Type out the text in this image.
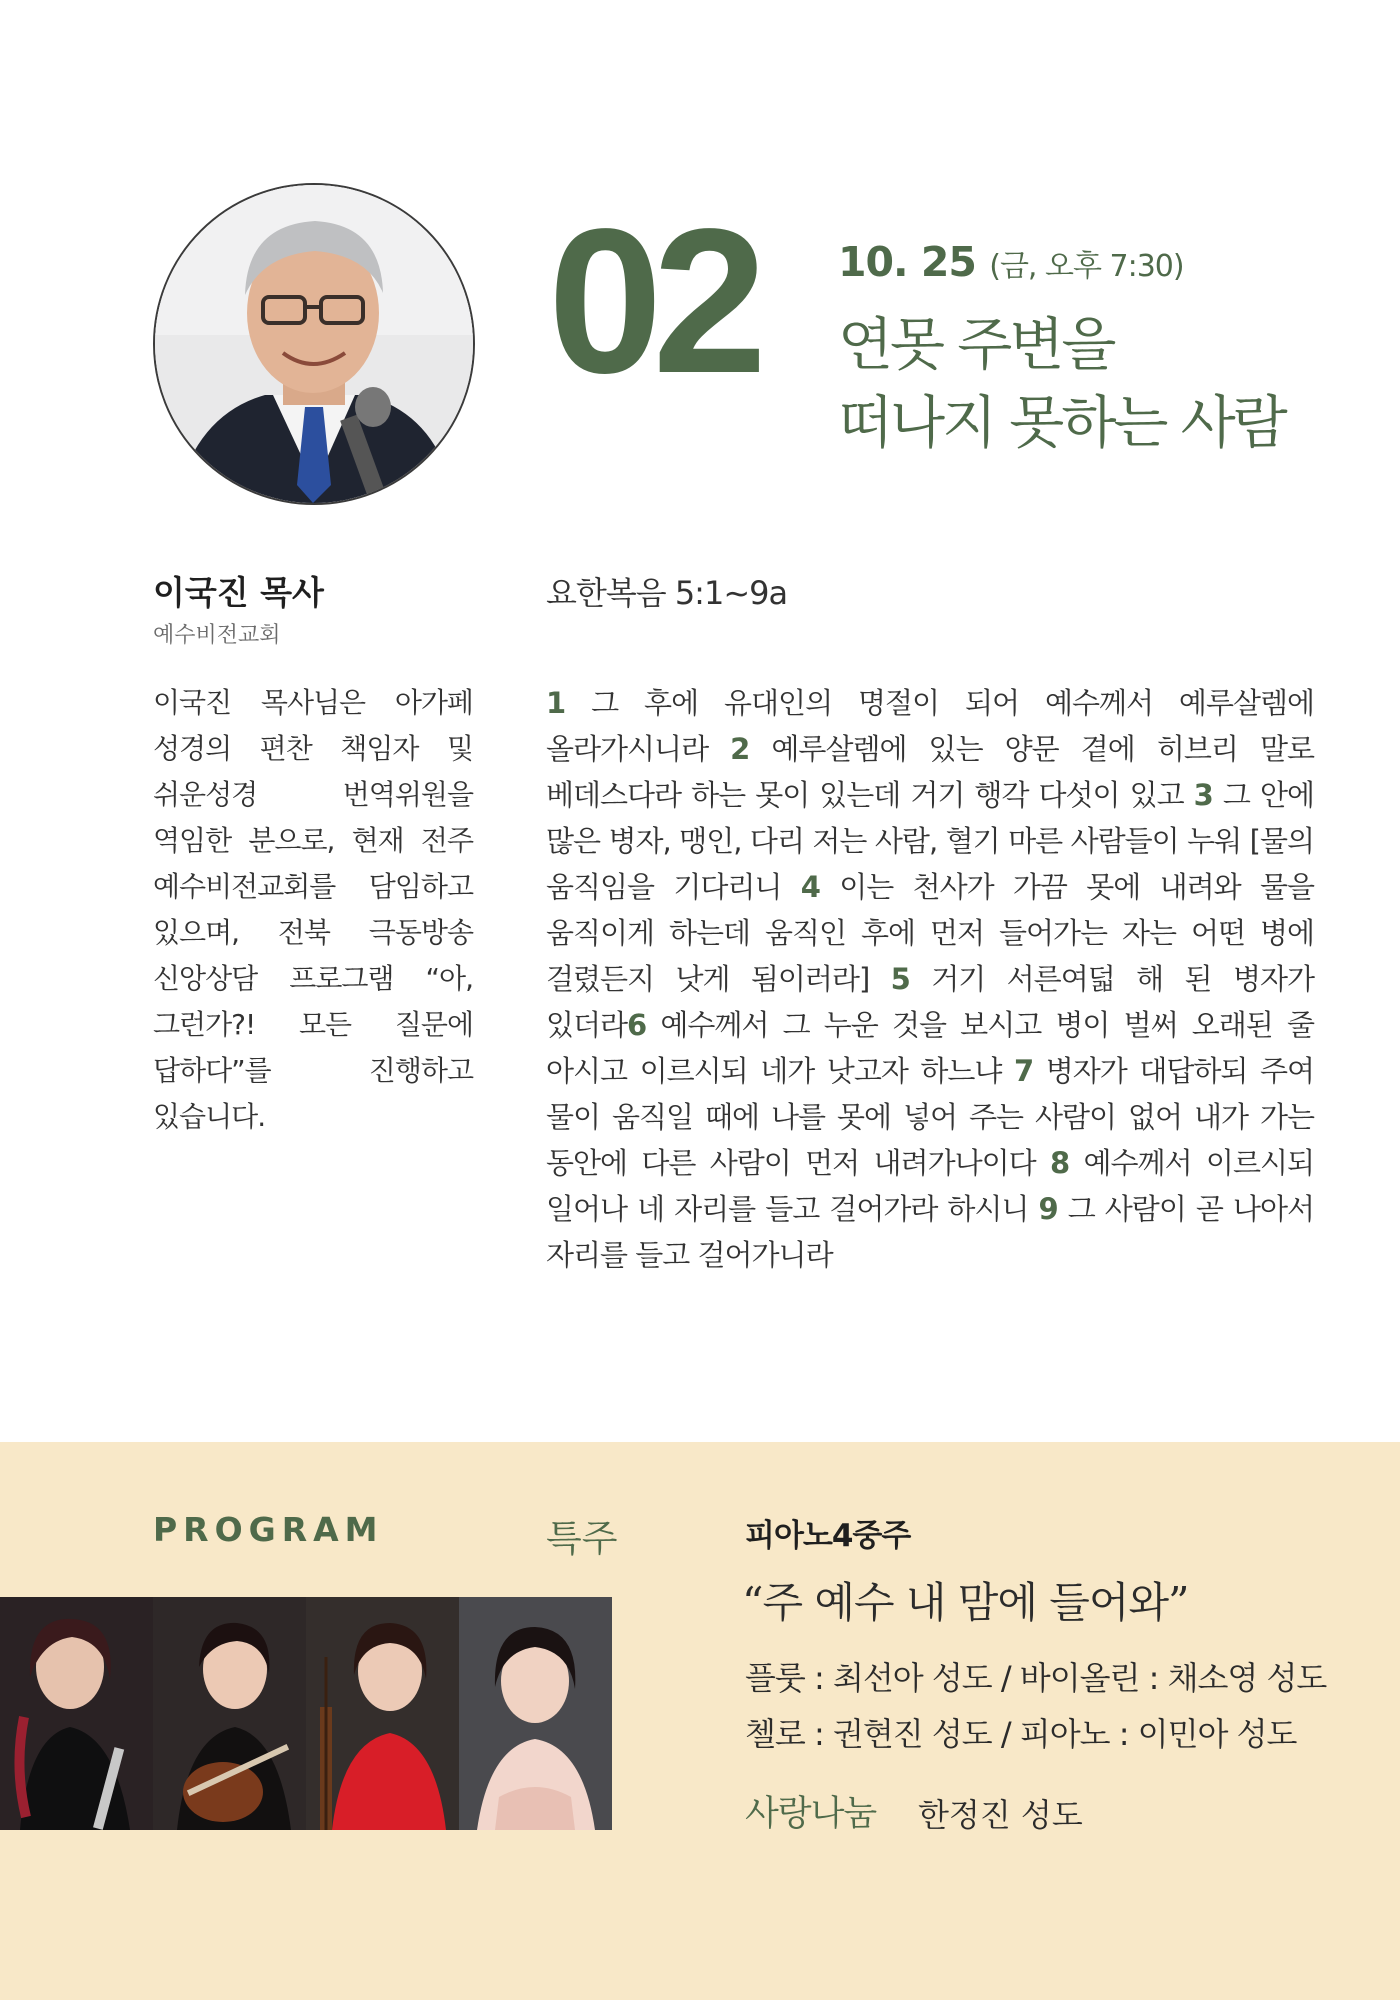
02 10. 25 (금, 오후 7:30)
연못 주변을
떠나지 못하는 사람
이국진 목사
예수비전교회
이국진 목사님은 아가페 성경의 편찬 책임자 및 쉬운성경 번역위원을 역임한 분으로, 현재 전주 예수비전교회를 담임하고 있으며, 전북 극동방송 신앙상담 프로그램 “아, 그런가?! 모든 질문에 답하다”를 진행하고 있습니다.
요한복음 5:1~9a
1 그 후에 유대인의 명절이 되어 예수께서 예루살렘에 올라가시니라 2 예루살렘에 있는 양문 곁에 히브리 말로 베데스다라 하는 못이 있는데 거기 행각 다섯이 있고 3 그 안에 많은 병자, 맹인, 다리 저는 사람, 혈기 마른 사람들이 누워 [물의 움직임을 기다리니 4 이는 천사가 가끔 못에 내려와 물을 움직이게 하는데 움직인 후에 먼저 들어가는 자는 어떤 병에 걸렸든지 낫게 됨이러라] 5 거기 서른여덟 해 된 병자가 있더라6 예수께서 그 누운 것을 보시고 병이 벌써 오래된 줄 아시고 이르시되 네가 낫고자 하느냐 7 병자가 대답하되 주여 물이 움직일 때에 나를 못에 넣어 주는 사람이 없어 내가 가는 동안에 다른 사람이 먼저 내려가나이다 8 예수께서 이르시되 일어나 네 자리를 들고 걸어가라 하시니 9 그 사람이 곧 나아서 자리를 들고 걸어가니라
PROGRAM	특주	피아노4중주
“주 예수 내 맘에 들어와”
플룻 : 최선아 성도 / 바이올린 : 채소영 성도
첼로 : 권현진 성도 / 피아노 : 이민아 성도
사랑나눔 한정진 성도
